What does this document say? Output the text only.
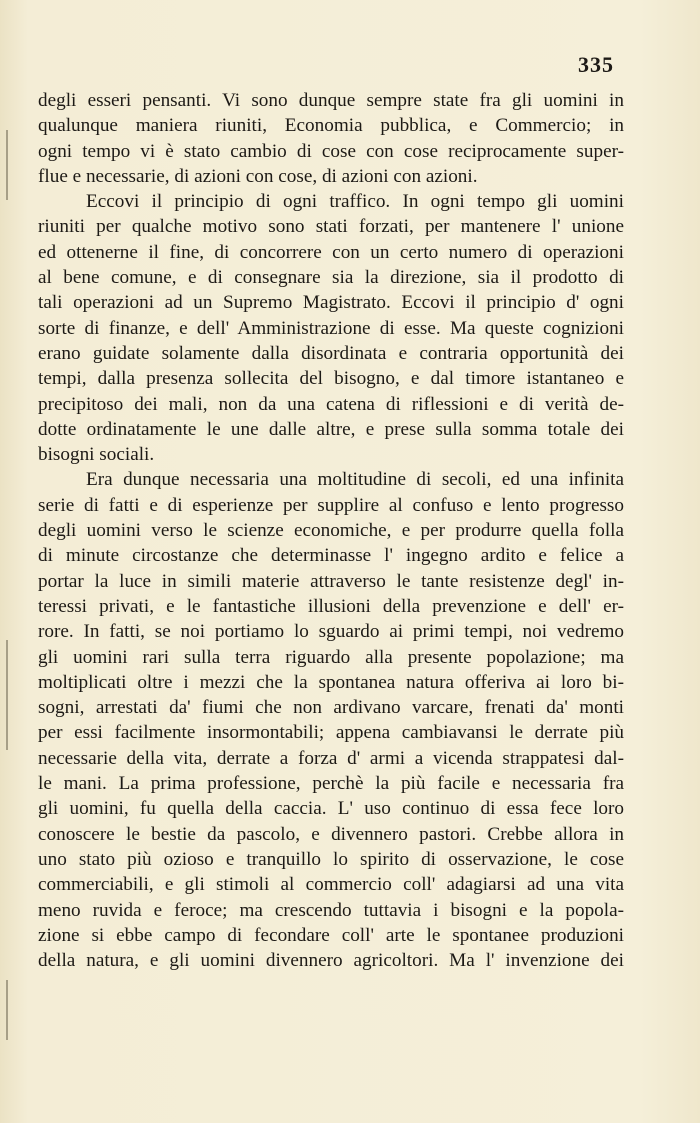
335

degli esseri pensanti. Vi sono dunque sempre state fra gli uomini in
qualunque maniera riuniti, Economia pubblica, e Commercio; in
ogni tempo vi è stato cambio di cose con cose reciprocamente super-
flue e necessarie, di azioni con cose, di azioni con azioni.

Eccovi il principio di ogni traffico. In ogni tempo gli uomini
riuniti per qualche motivo sono stati forzati, per mantenere l' unione
ed ottenerne il fine, di concorrere con un certo numero di operazioni
al bene comune, e di consegnare sia la direzione, sia il prodotto di
tali operazioni ad un Supremo Magistrato. Eccovi il principio d' ogni
sorte di finanze, e dell' Amministrazione di esse. Ma queste cognizioni
erano guidate solamente dalla disordinata e contraria opportunità dei
tempi, dalla presenza sollecita del bisogno, e dal timore istantaneo e
precipitoso dei mali, non da una catena di riflessioni e di verità de-
dotte ordinatamente le une dalle altre, e prese sulla somma totale dei
bisogni sociali.

Era dunque necessaria una moltitudine di secoli, ed una infinita
serie di fatti e di esperienze per supplire al confuso e lento progresso
degli uomini verso le scienze economiche, e per produrre quella folla
di minute circostanze che determinasse l' ingegno ardito e felice a
portar la luce in simili materie attraverso le tante resistenze degl' in-
teressi privati, e le fantastiche illusioni della prevenzione e dell' er-
rore. In fatti, se noi portiamo lo sguardo ai primi tempi, noi vedremo
gli uomini rari sulla terra riguardo alla presente popolazione; ma
moltiplicati oltre i mezzi che la spontanea natura offeriva ai loro bi-
sogni, arrestati da' fiumi che non ardivano varcare, frenati da' monti
per essi facilmente insormontabili; appena cambiavansi le derrate più
necessarie della vita, derrate a forza d' armi a vicenda strappatesi dal-
le mani. La prima professione, perchè la più facile e necessaria fra
gli uomini, fu quella della caccia. L' uso continuo di essa fece loro
conoscere le bestie da pascolo, e divennero pastori. Crebbe allora in
uno stato più ozioso e tranquillo lo spirito di osservazione, le cose
commerciabili, e gli stimoli al commercio coll' adagiarsi ad una vita
meno ruvida e feroce; ma crescendo tuttavia i bisogni e la popola-
zione si ebbe campo di fecondare coll' arte le spontanee produzioni
della natura, e gli uomini divennero agricoltori. Ma l' invenzione dei
